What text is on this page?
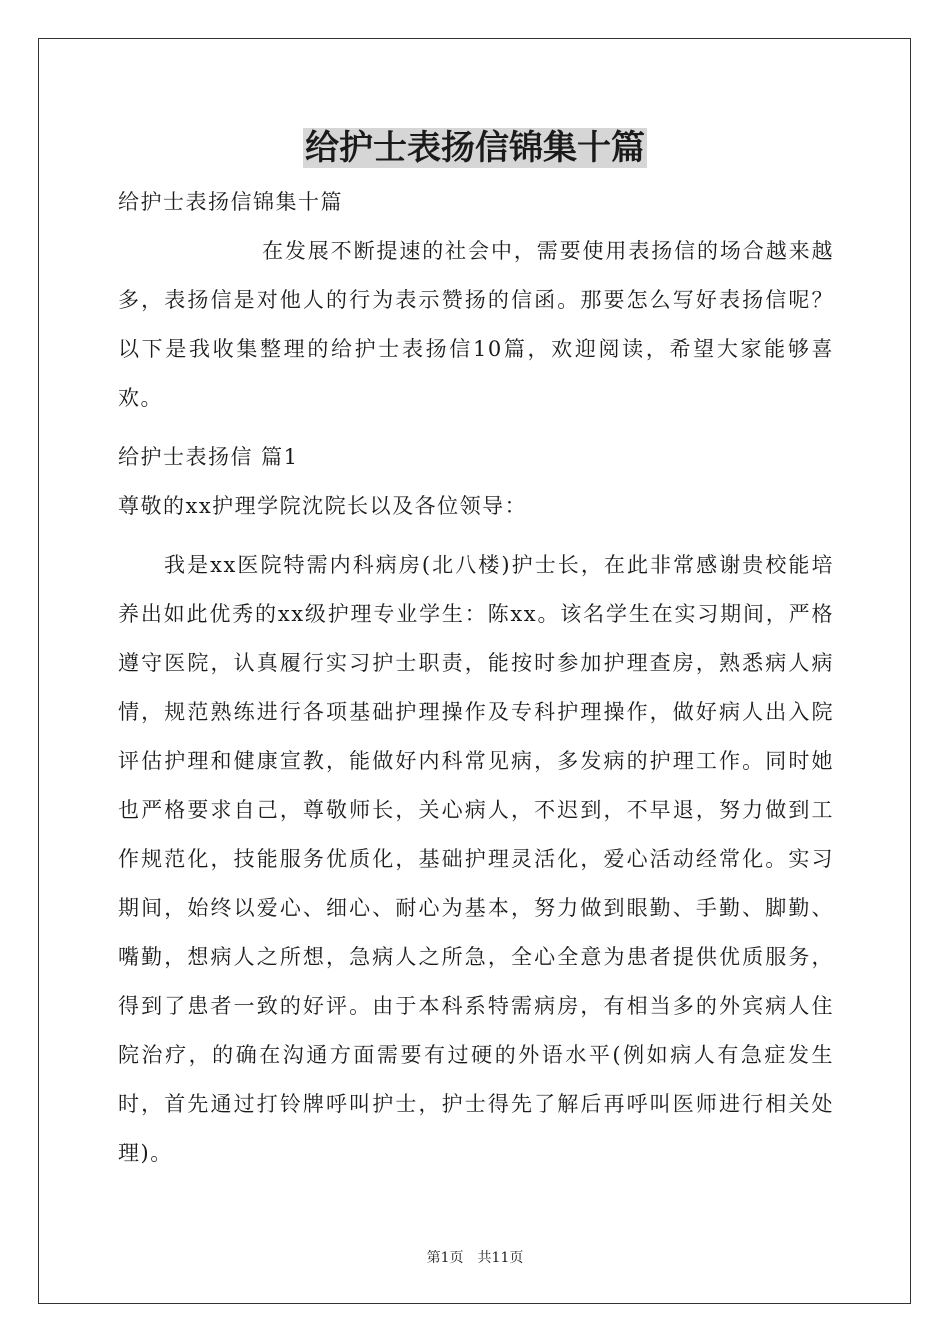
给护士表扬信锦集十篇

给护士表扬信锦集十篇

在发展不断提速的社会中，需要使用表扬信的场合越来越多，表扬信是对他人的行为表示赞扬的信函。那要怎么写好表扬信呢？以下是我收集整理的给护士表扬信10篇，欢迎阅读，希望大家能够喜欢。

给护士表扬信 篇1

尊敬的xx护理学院沈院长以及各位领导：

我是xx医院特需内科病房(北八楼)护士长，在此非常感谢贵校能培养出如此优秀的xx级护理专业学生：陈xx。该名学生在实习期间，严格遵守医院，认真履行实习护士职责，能按时参加护理查房，熟悉病人病情，规范熟练进行各项基础护理操作及专科护理操作，做好病人出入院评估护理和健康宣教，能做好内科常见病，多发病的护理工作。同时她也严格要求自己，尊敬师长，关心病人，不迟到，不早退，努力做到工作规范化，技能服务优质化，基础护理灵活化，爱心活动经常化。实习期间，始终以爱心、细心、耐心为基本，努力做到眼勤、手勤、脚勤、嘴勤，想病人之所想，急病人之所急，全心全意为患者提供优质服务，得到了患者一致的好评。由于本科系特需病房，有相当多的外宾病人住院治疗，的确在沟通方面需要有过硬的外语水平(例如病人有急症发生时，首先通过打铃牌呼叫护士，护士得先了解后再呼叫医师进行相关处理)。

第1页　共11页
